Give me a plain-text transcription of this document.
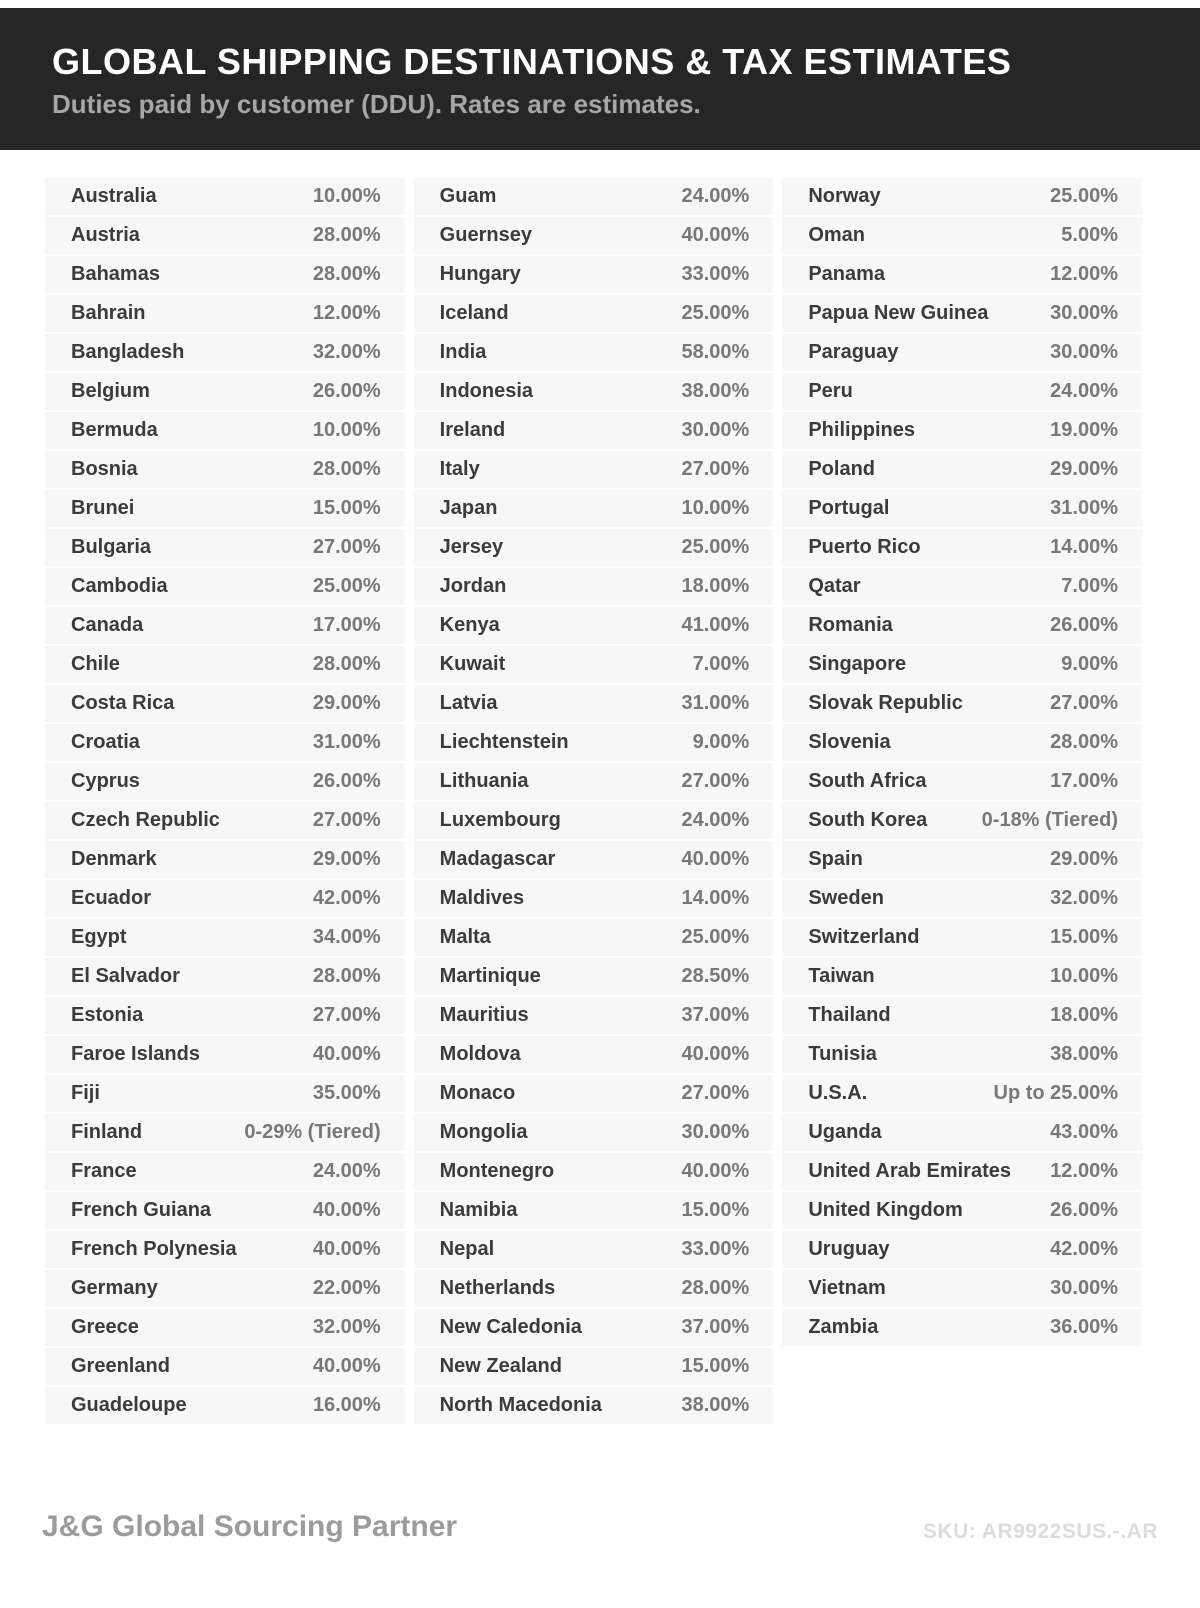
GLOBAL SHIPPING DESTINATIONS & TAX ESTIMATES
Duties paid by customer (DDU). Rates are estimates.
Australia	10.00%
Austria	28.00%
Bahamas	28.00%
Bahrain	12.00%
Bangladesh	32.00%
Belgium	26.00%
Bermuda	10.00%
Bosnia	28.00%
Brunei	15.00%
Bulgaria	27.00%
Cambodia	25.00%
Canada	17.00%
Chile	28.00%
Costa Rica	29.00%
Croatia	31.00%
Cyprus	26.00%
Czech Republic	27.00%
Denmark	29.00%
Ecuador	42.00%
Egypt	34.00%
El Salvador	28.00%
Estonia	27.00%
Faroe Islands	40.00%
Fiji	35.00%
Finland	0-29% (Tiered)
France	24.00%
French Guiana	40.00%
French Polynesia	40.00%
Germany	22.00%
Greece	32.00%
Greenland	40.00%
Guadeloupe	16.00%
Guam	24.00%
Guernsey	40.00%
Hungary	33.00%
Iceland	25.00%
India	58.00%
Indonesia	38.00%
Ireland	30.00%
Italy	27.00%
Japan	10.00%
Jersey	25.00%
Jordan	18.00%
Kenya	41.00%
Kuwait	7.00%
Latvia	31.00%
Liechtenstein	9.00%
Lithuania	27.00%
Luxembourg	24.00%
Madagascar	40.00%
Maldives	14.00%
Malta	25.00%
Martinique	28.50%
Mauritius	37.00%
Moldova	40.00%
Monaco	27.00%
Mongolia	30.00%
Montenegro	40.00%
Namibia	15.00%
Nepal	33.00%
Netherlands	28.00%
New Caledonia	37.00%
New Zealand	15.00%
North Macedonia	38.00%
Norway	25.00%
Oman	5.00%
Panama	12.00%
Papua New Guinea	30.00%
Paraguay	30.00%
Peru	24.00%
Philippines	19.00%
Poland	29.00%
Portugal	31.00%
Puerto Rico	14.00%
Qatar	7.00%
Romania	26.00%
Singapore	9.00%
Slovak Republic	27.00%
Slovenia	28.00%
South Africa	17.00%
South Korea	0-18% (Tiered)
Spain	29.00%
Sweden	32.00%
Switzerland	15.00%
Taiwan	10.00%
Thailand	18.00%
Tunisia	38.00%
U.S.A.	Up to 25.00%
Uganda	43.00%
United Arab Emirates 12.00%
United Kingdom	26.00%
Uruguay	42.00%
Vietnam	30.00%
Zambia	36.00%
J&G Global Sourcing Partner	SKU: AR9922SUS.-.AR
